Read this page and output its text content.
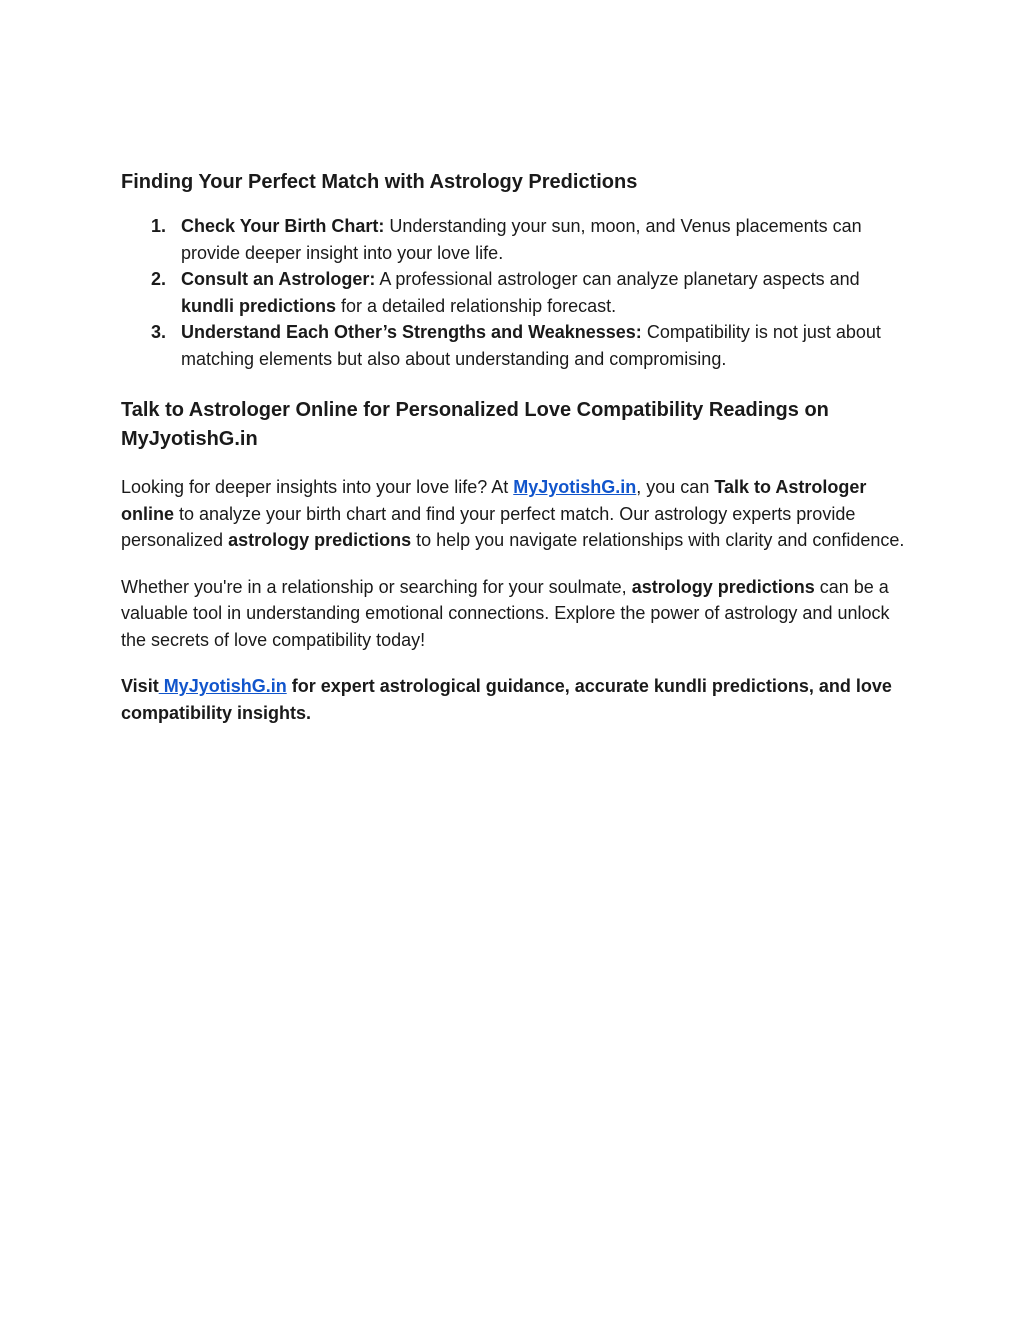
Finding Your Perfect Match with Astrology Predictions
1. Check Your Birth Chart: Understanding your sun, moon, and Venus placements can provide deeper insight into your love life.
2. Consult an Astrologer: A professional astrologer can analyze planetary aspects and kundli predictions for a detailed relationship forecast.
3. Understand Each Other’s Strengths and Weaknesses: Compatibility is not just about matching elements but also about understanding and compromising.
Talk to Astrologer Online for Personalized Love Compatibility Readings on MyJyotishG.in

Looking for deeper insights into your love life? At MyJyotishG.in, you can Talk to Astrologer online to analyze your birth chart and find your perfect match. Our astrology experts provide personalized astrology predictions to help you navigate relationships with clarity and confidence.

Whether you're in a relationship or searching for your soulmate, astrology predictions can be a valuable tool in understanding emotional connections. Explore the power of astrology and unlock the secrets of love compatibility today!

Visit MyJyotishG.in for expert astrological guidance, accurate kundli predictions, and love compatibility insights.
